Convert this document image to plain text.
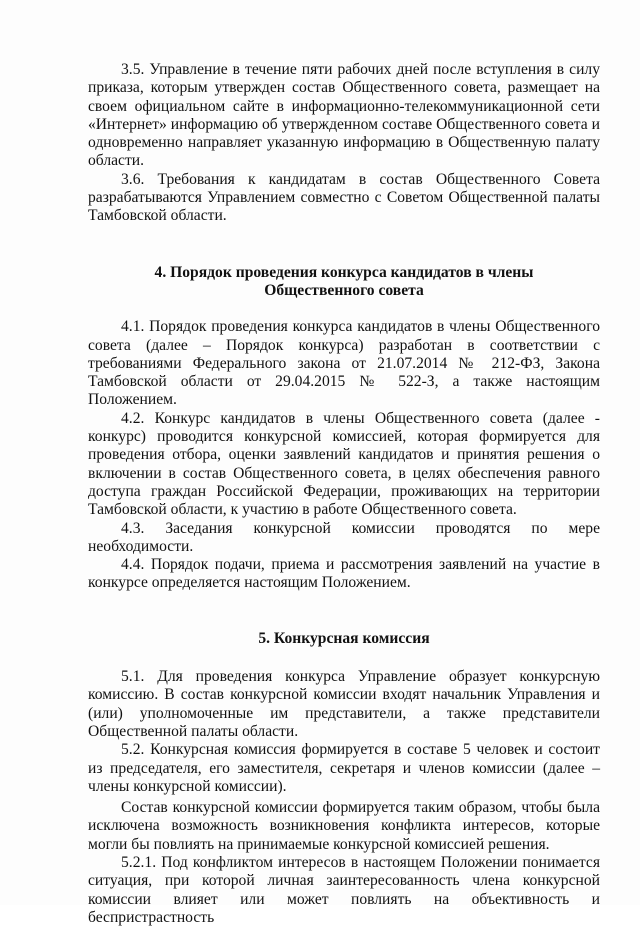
3.5. Управление в течение пяти рабочих дней после вступления в силу приказа, которым утвержден состав Общественного совета, размещает на своем официальном сайте в информационно-телекоммуникационной сети «Интернет» информацию об утвержденном составе Общественного совета и одновременно направляет указанную информацию в Общественную палату области.

3.6. Требования к кандидатам в состав Общественного Совета разрабатываются Управлением совместно с Советом Общественной палаты Тамбовской области.

4. Порядок проведения конкурса кандидатов в члены
Общественного совета

4.1. Порядок проведения конкурса кандидатов в члены Общественного совета (далее – Порядок конкурса) разработан в соответствии с требованиями Федерального закона от 21.07.2014 № 212-ФЗ, Закона Тамбовской области от 29.04.2015 № 522-З, а также настоящим Положением.

4.2. Конкурс кандидатов в члены Общественного совета (далее - конкурс) проводится конкурсной комиссией, которая формируется для проведения отбора, оценки заявлений кандидатов и принятия решения о включении в состав Общественного совета, в целях обеспечения равного доступа граждан Российской Федерации, проживающих на территории Тамбовской области, к участию в работе Общественного совета.

4.3. Заседания конкурсной комиссии проводятся по мере необходимости.

4.4. Порядок подачи, приема и рассмотрения заявлений на участие в конкурсе определяется настоящим Положением.

5. Конкурсная комиссия

5.1. Для проведения конкурса Управление образует конкурсную комиссию. В состав конкурсной комиссии входят начальник Управления и (или) уполномоченные им представители, а также представители Общественной палаты области.

5.2. Конкурсная комиссия формируется в составе 5 человек и состоит из председателя, его заместителя, секретаря и членов комиссии (далее – члены конкурсной комиссии).

Состав конкурсной комиссии формируется таким образом, чтобы была исключена возможность возникновения конфликта интересов, которые могли бы повлиять на принимаемые конкурсной комиссией решения.

5.2.1. Под конфликтом интересов в настоящем Положении понимается ситуация, при которой личная заинтересованность члена конкурсной комиссии влияет или может повлиять на объективность и беспристрастность
